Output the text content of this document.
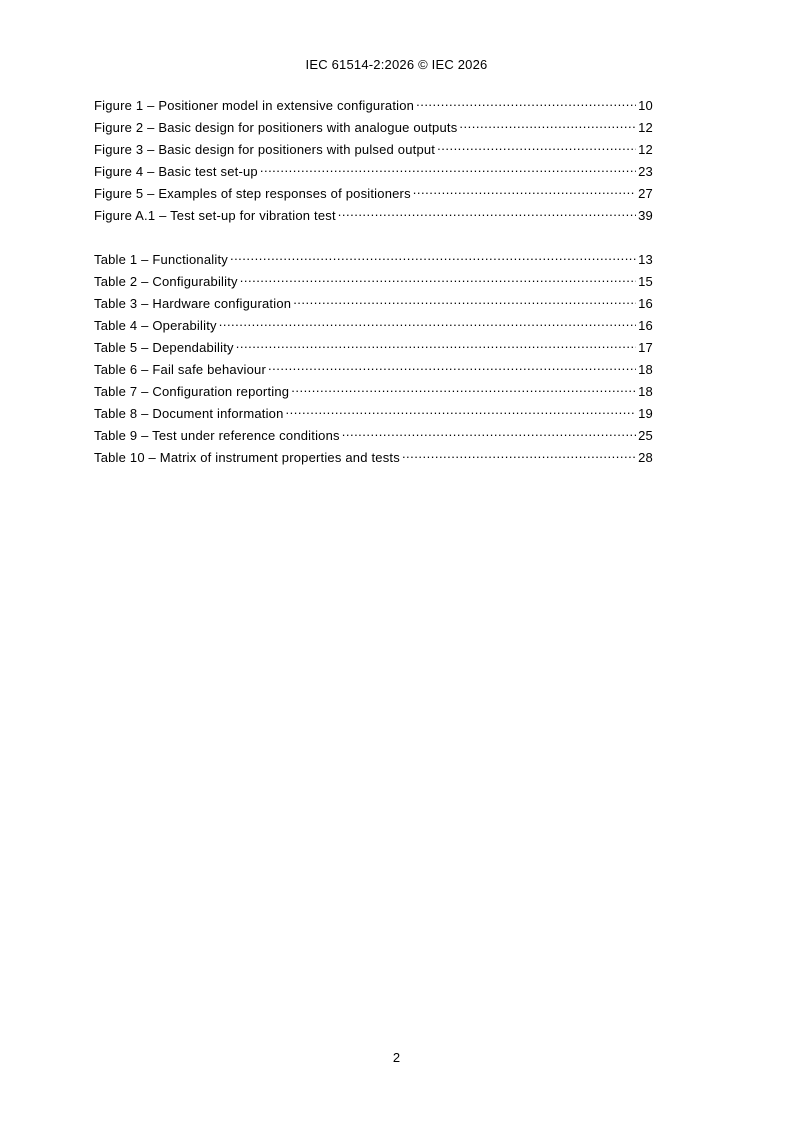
IEC 61514-2:2026 © IEC 2026
Figure 1 – Positioner model in extensive configuration .....	10
Figure 2 – Basic design for positioners with analogue outputs .....	12
Figure 3 – Basic design for positioners with pulsed output .....	12
Figure 4 – Basic test set-up .....	23
Figure 5 – Examples of step responses of positioners .....	27
Figure A.1 – Test set-up for vibration test .....	39
Table 1 – Functionality .....	13
Table 2 – Configurability .....	15
Table 3 – Hardware configuration .....	16
Table 4 – Operability .....	16
Table 5 – Dependability .....	17
Table 6 – Fail safe behaviour .....	18
Table 7 – Configuration reporting .....	18
Table 8 – Document information .....	19
Table 9 – Test under reference conditions .....	25
Table 10 – Matrix of instrument properties and tests .....	28
2
